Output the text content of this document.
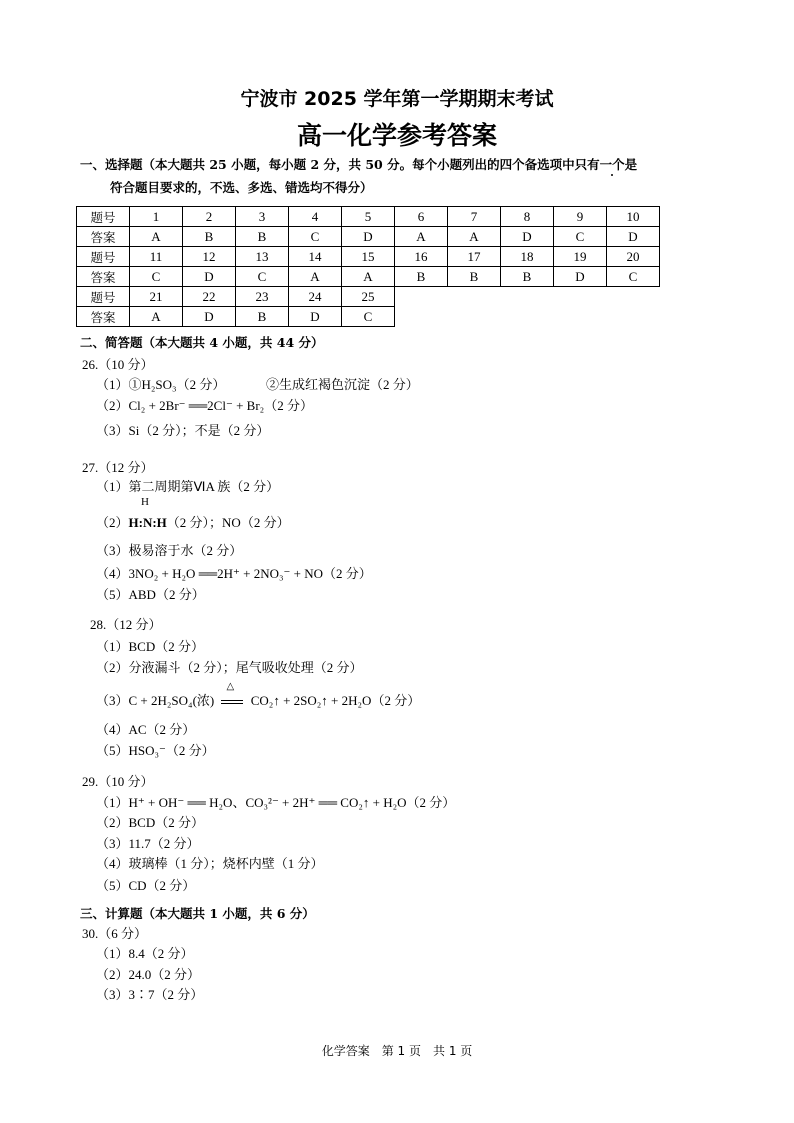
宁波市 2025 学年第一学期期末考试
高一化学参考答案
一、选择题（本大题共 25 小题，每小题 2 分，共 50 分。每个小题列出的四个备选项中只有一个是
符合题目要求的，不选、多选、错选均不得分）
题号	1	2	3	4	5	6	7	8	9	10
答案	A	B	B	C	D	A	A	D	C	D
题号	11	12	13	14	15	16	17	18	19	20
答案	C	D	C	A	A	B	B	B	D	C
题号	21	22	23	24	25					
答案	A	D	B	D	C					
二、简答题（本大题共 4 小题，共 44 分）
26.（10 分）
（1）①H₂SO₃（2 分）	②生成红褐色沉淀（2 分）
（2）Cl₂ + 2Br⁻ ══2Cl⁻ + Br₂（2 分）
（3）Si（2 分）；不是（2 分）
27.（12 分）
（1）第二周期第ⅥA 族（2 分）
H
（2）H:N:H（2 分）；NO（2 分）
（3）极易溶于水（2 分）
（4）3NO₂ + H₂O ══2H⁺ + 2NO₃⁻ + NO（2 分）
（5）ABD（2 分）
28.（12 分）
（1）BCD（2 分）
（2）分液漏斗（2 分）；尾气吸收处理（2 分）
（3）C + 2H₂SO₄(浓)
△
CO₂↑ + 2SO₂↑ + 2H₂O（2 分）
（4）AC（2 分）
（5）HSO₃⁻（2 分）
29.（10 分）
（1）H⁺ + OH⁻ ══ H₂O、CO₃²⁻ + 2H⁺ ══ CO₂↑ + H₂O（2 分）
（2）BCD（2 分）
（3）11.7（2 分）
（4）玻璃棒（1 分）；烧杯内壁（1 分）
（5）CD（2 分）
三、计算题（本大题共 1 小题，共 6 分）
30.（6 分）
（1）8.4（2 分）
（2）24.0（2 分）
（3）3∶7（2 分）
化学答案　第 1 页　共 1 页
